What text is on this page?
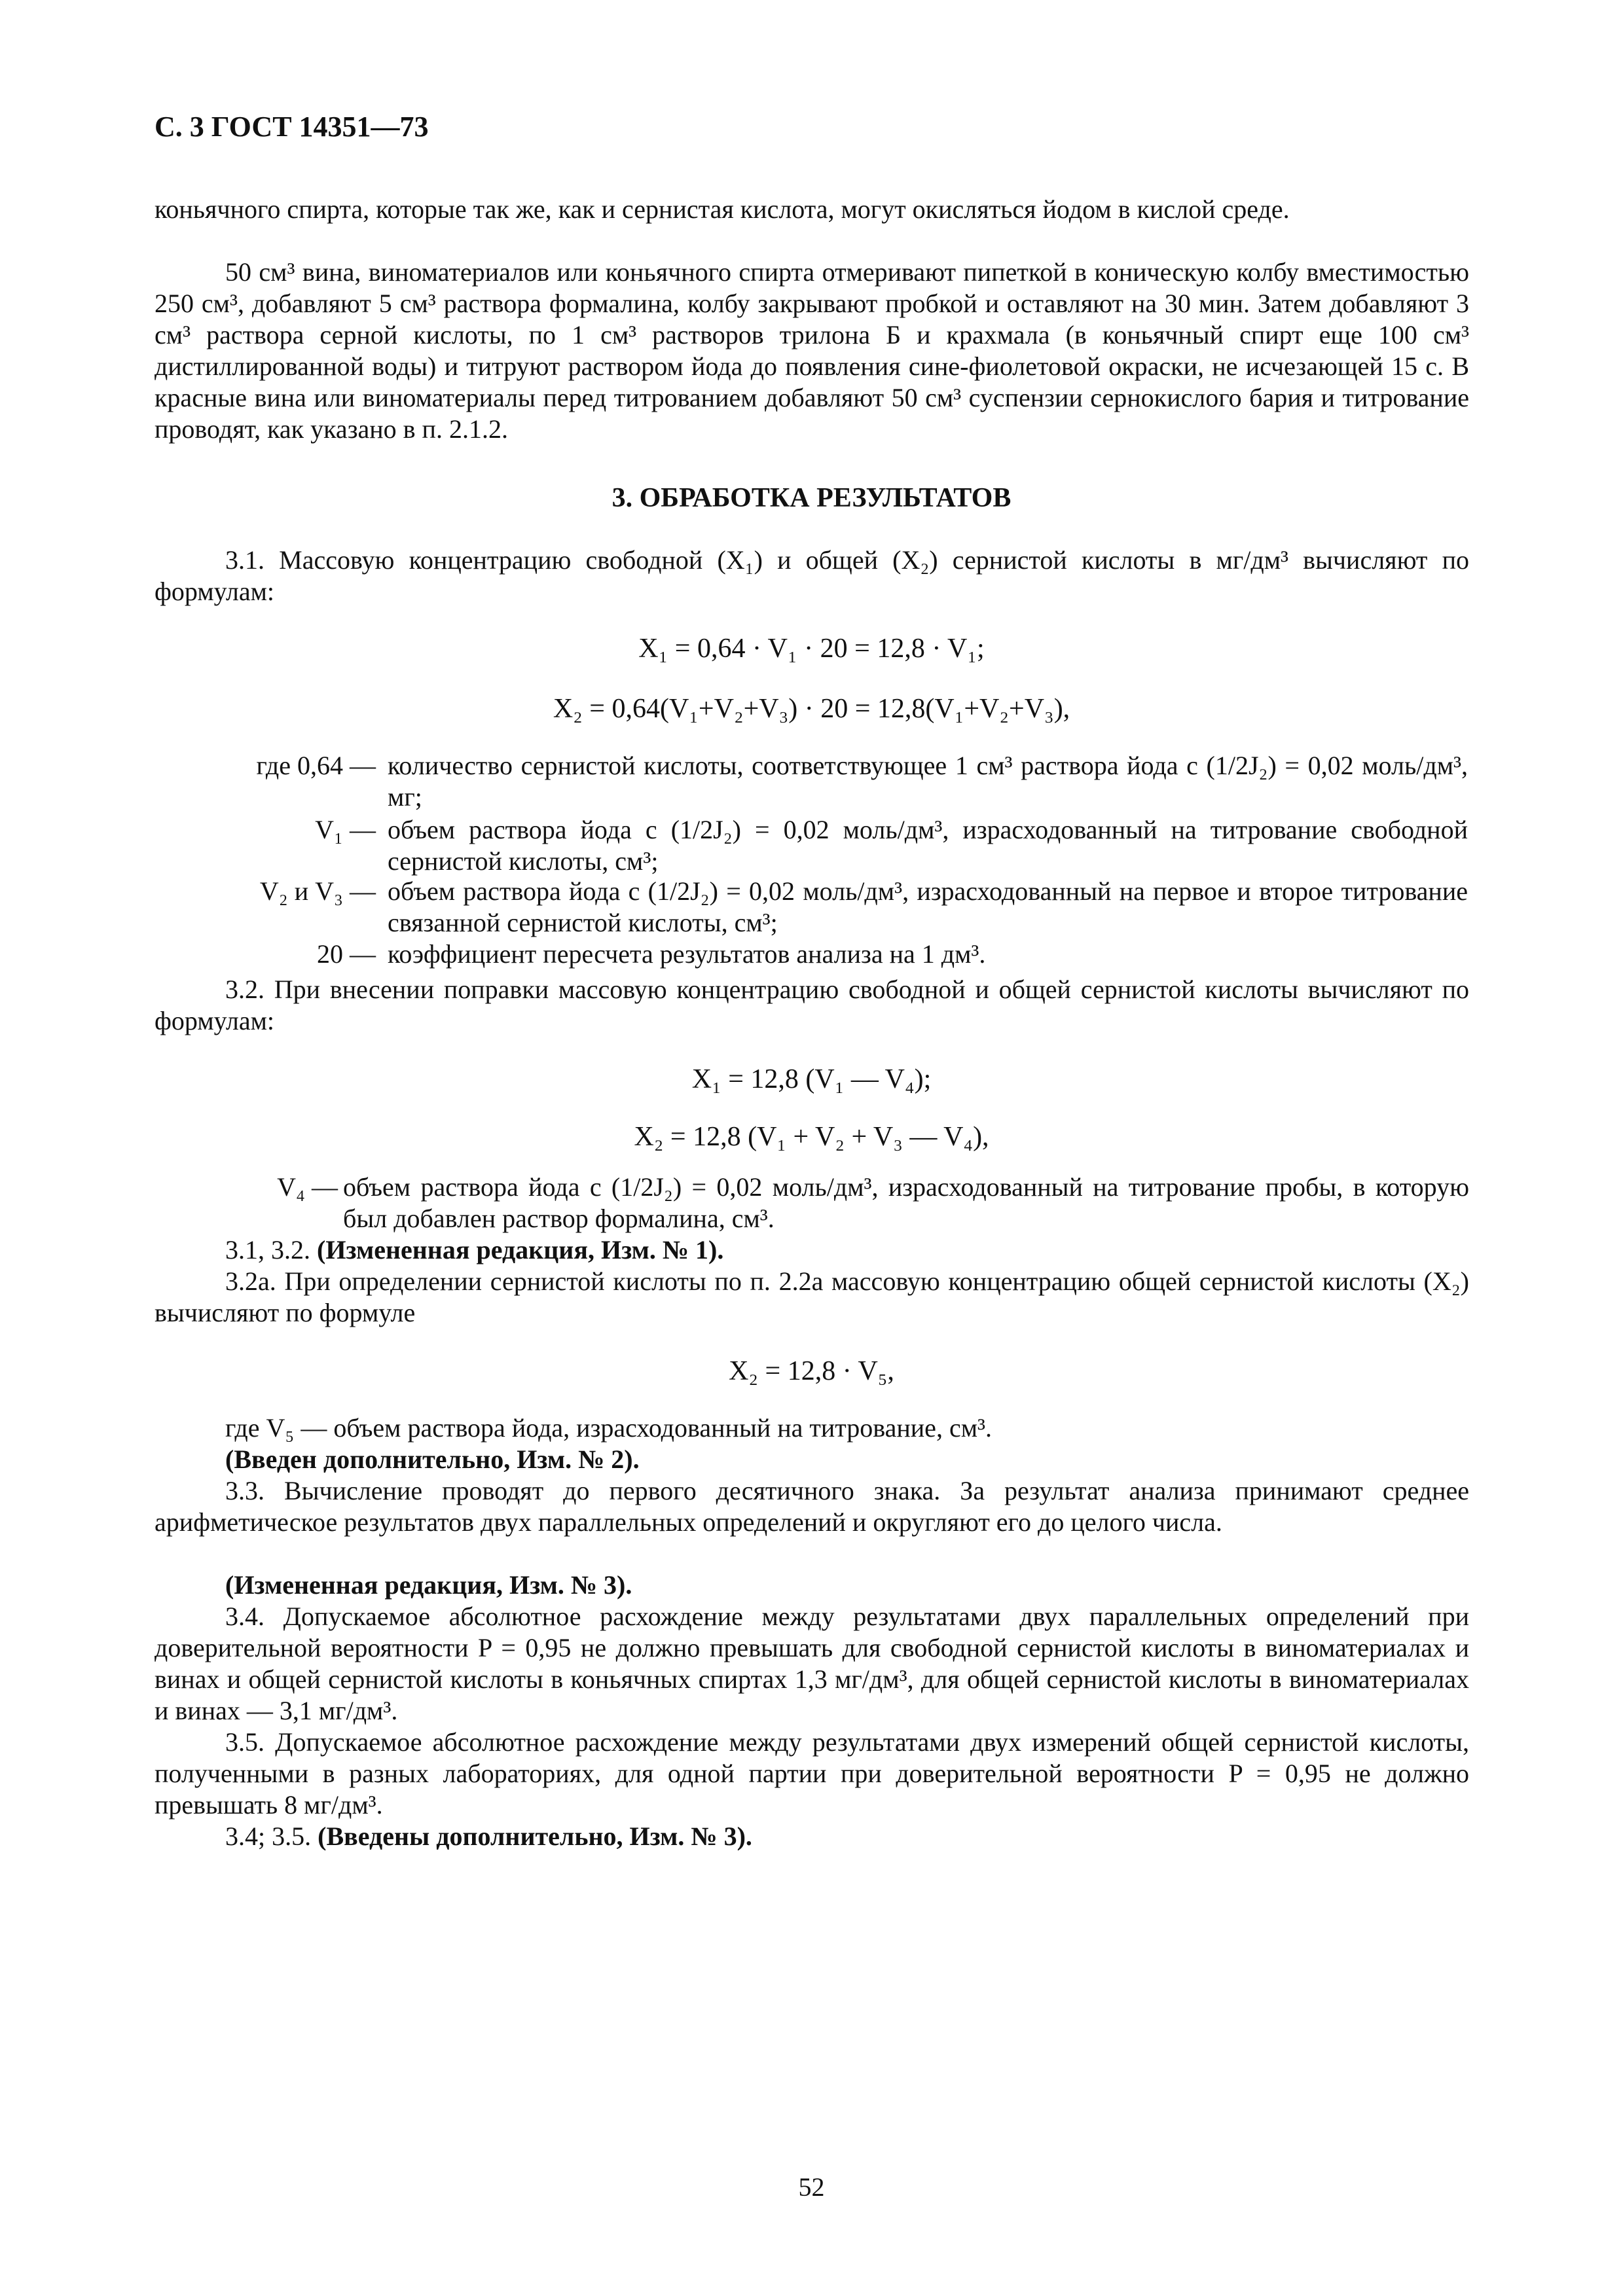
С. 3 ГОСТ 14351—73

коньячного спирта, которые так же, как и сернистая кислота, могут окисляться йодом в кислой среде.

50 см³ вина, виноматериалов или коньячного спирта отмеривают пипеткой в коническую колбу вместимостью 250 см³, добавляют 5 см³ раствора формалина, колбу закрывают пробкой и оставляют на 30 мин. Затем добавляют 3 см³ раствора серной кислоты, по 1 см³ растворов трилона Б и крахмала (в коньячный спирт еще 100 см³ дистиллированной воды) и титруют раствором йода до появления сине-фиолетовой окраски, не исчезающей 15 с. В красные вина или виноматериалы перед титрованием добавляют 50 см³ суспензии сернокислого бария и титрование проводят, как указано в п. 2.1.2.

3. ОБРАБОТКА РЕЗУЛЬТАТОВ

3.1. Массовую концентрацию свободной (X₁) и общей (X₂) сернистой кислоты в мг/дм³ вычисляют по формулам:

X₁ = 0,64 · V₁ · 20 = 12,8 · V₁;
X₂ = 0,64(V₁+V₂+V₃) · 20 = 12,8(V₁+V₂+V₃),
где 0,64 — количество сернистой кислоты, соответствующее 1 см³ раствора йода с (1/2J₂) = 0,02 моль/дм³, мг;
V₁ — объем раствора йода с (1/2J₂) = 0,02 моль/дм³, израсходованный на титрование свободной сернистой кислоты, см³;
V₂ и V₃ — объем раствора йода с (1/2J₂) = 0,02 моль/дм³, израсходованный на первое и второе титрование связанной сернистой кислоты, см³;
20 — коэффициент пересчета результатов анализа на 1 дм³.

3.2. При внесении поправки массовую концентрацию свободной и общей сернистой кислоты вычисляют по формулам:

X₁ = 12,8 (V₁ — V₄);
X₂ = 12,8 (V₁ + V₂ + V₃ — V₄),
V₄ — объем раствора йода с (1/2J₂) = 0,02 моль/дм³, израсходованный на титрование пробы, в которую был добавлен раствор формалина, см³.

3.1, 3.2. (Измененная редакция, Изм. № 1).

3.2а. При определении сернистой кислоты по п. 2.2а массовую концентрацию общей сернистой кислоты (X₂) вычисляют по формуле

X₂ = 12,8 · V₅,

где V₅ — объем раствора йода, израсходованный на титрование, см³.

(Введен дополнительно, Изм. № 2).

3.3. Вычисление проводят до первого десятичного знака. За результат анализа принимают среднее арифметическое результатов двух параллельных определений и округляют его до целого числа.

(Измененная редакция, Изм. № 3).

3.4. Допускаемое абсолютное расхождение между результатами двух параллельных определений при доверительной вероятности P = 0,95 не должно превышать для свободной сернистой кислоты в виноматериалах и винах и общей сернистой кислоты в коньячных спиртах 1,3 мг/дм³, для общей сернистой кислоты в виноматериалах и винах — 3,1 мг/дм³.

3.5. Допускаемое абсолютное расхождение между результатами двух измерений общей сернистой кислоты, полученными в разных лабораториях, для одной партии при доверительной вероятности P = 0,95 не должно превышать 8 мг/дм³.

3.4; 3.5. (Введены дополнительно, Изм. № 3).

52
